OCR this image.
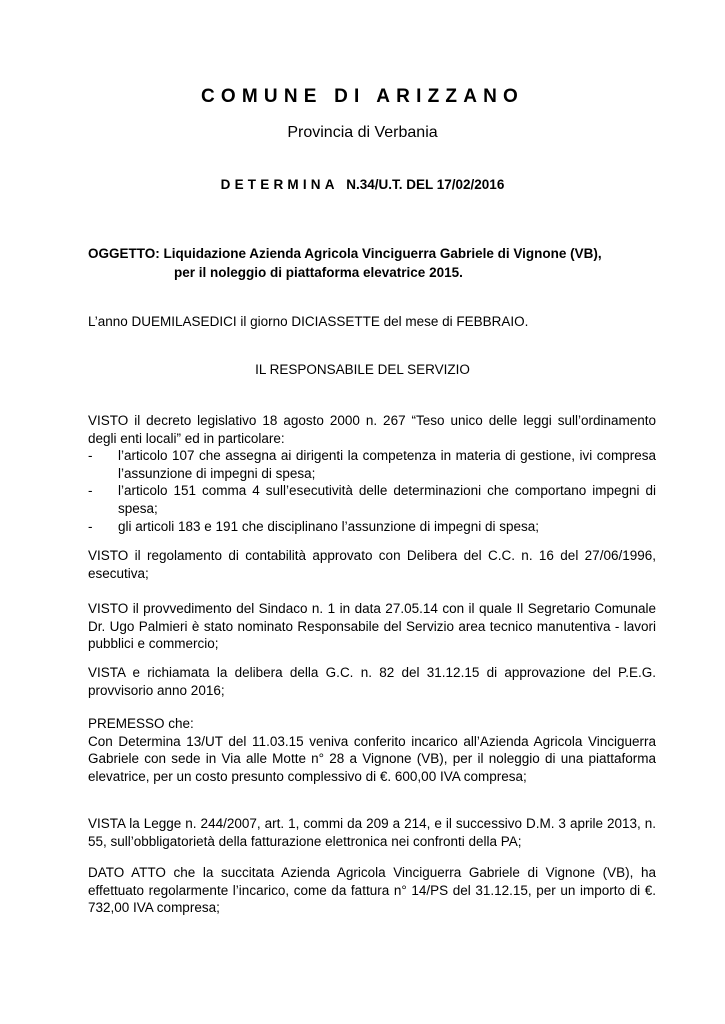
COMUNE DI ARIZZANO
Provincia di Verbania
DETERMINA N.34/U.T. DEL 17/02/2016
OGGETTO: Liquidazione Azienda Agricola Vinciguerra Gabriele di Vignone (VB),
per il noleggio di piattaforma elevatrice 2015.

L’anno DUEMILASEDICI il giorno DICIASSETTE del mese di FEBBRAIO.

IL RESPONSABILE DEL SERVIZIO

VISTO il decreto legislativo 18 agosto 2000 n. 267 “Teso unico delle leggi sull’ordinamento degli enti locali” ed in particolare:

- l’articolo 107 che assegna ai dirigenti la competenza in materia di gestione, ivi compresa l’assunzione di impegni di spesa;
- l’articolo 151 comma 4 sull’esecutività delle determinazioni che comportano impegni di spesa;
- gli articoli 183 e 191 che disciplinano l’assunzione di impegni di spesa;

VISTO il regolamento di contabilità approvato con Delibera del C.C. n. 16 del 27/06/1996, esecutiva;

VISTO il provvedimento del Sindaco n. 1 in data 27.05.14 con il quale Il Segretario Comunale Dr. Ugo Palmieri è stato nominato Responsabile del Servizio area tecnico manutentiva - lavori pubblici e commercio;

VISTA e richiamata la delibera della G.C. n. 82 del 31.12.15 di approvazione del P.E.G. provvisorio anno 2016;

PREMESSO che:

Con Determina 13/UT del 11.03.15 veniva conferito incarico all’Azienda Agricola Vinciguerra Gabriele con sede in Via alle Motte n° 28 a Vignone (VB), per il noleggio di una piattaforma elevatrice, per un costo presunto complessivo di €. 600,00 IVA compresa;

VISTA la Legge n. 244/2007, art. 1, commi da 209 a 214, e il successivo D.M. 3 aprile 2013, n. 55, sull’obbligatorietà della fatturazione elettronica nei confronti della PA;

DATO ATTO che la succitata Azienda Agricola Vinciguerra Gabriele di Vignone (VB), ha effettuato regolarmente l’incarico, come da fattura n° 14/PS del 31.12.15, per un importo di €. 732,00 IVA compresa;
